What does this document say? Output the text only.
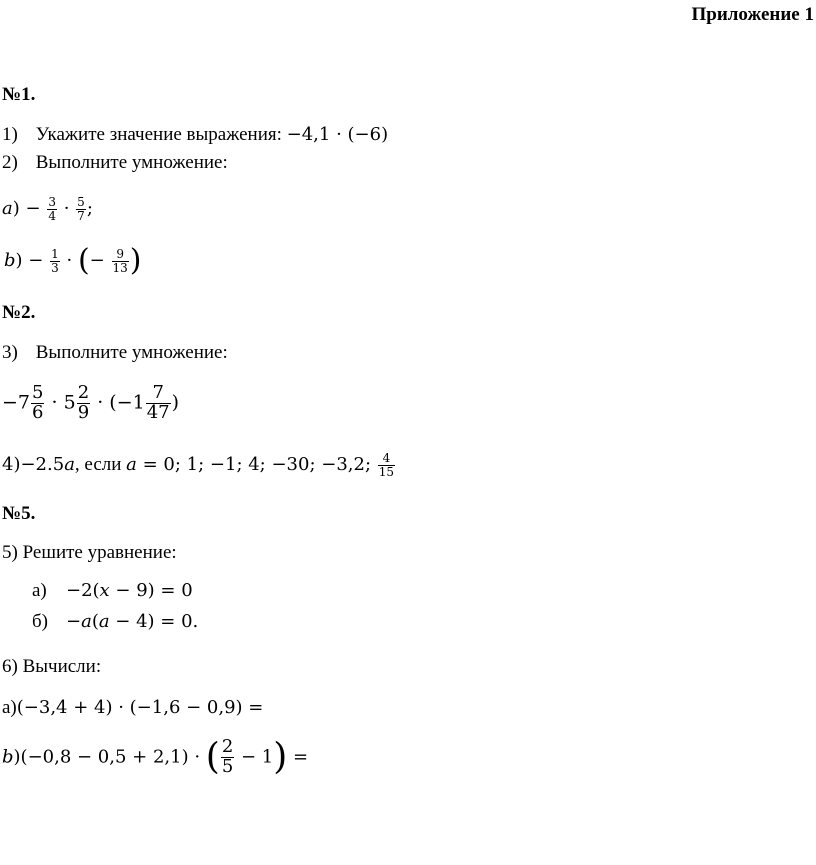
Приложение 1
№1.
1) Укажите значение выражения: −4,1 · (−6)
2) Выполните умножение:
𝑎) − $\frac{3}{4} \cdot \frac{5}{7}$ ;
𝑏) − $\frac{1}{3}$ · (− $\frac{9}{13}$ )
№2.
3) Выполните умножение:
$-7 \frac{5}{6} \cdot 5 \frac{2}{9} \cdot (-1 \frac{7}{47}$ )
4)−2.5𝑎, если 𝑎 = 0; 1; −1; 4; −30; −3,2; $\frac{4}{15}$
№5.
5) Решите уравнение:
а) −2(𝑥 − 9) = 0
б) −𝑎(𝑎 − 4) = 0.
6) Вычисли:
а)(−3,4 + 4) · (−1,6 − 0,9) =
𝑏)(−0,8 − 0,5 + 2,1) · ( $\frac{2}{5} - 1$) =
